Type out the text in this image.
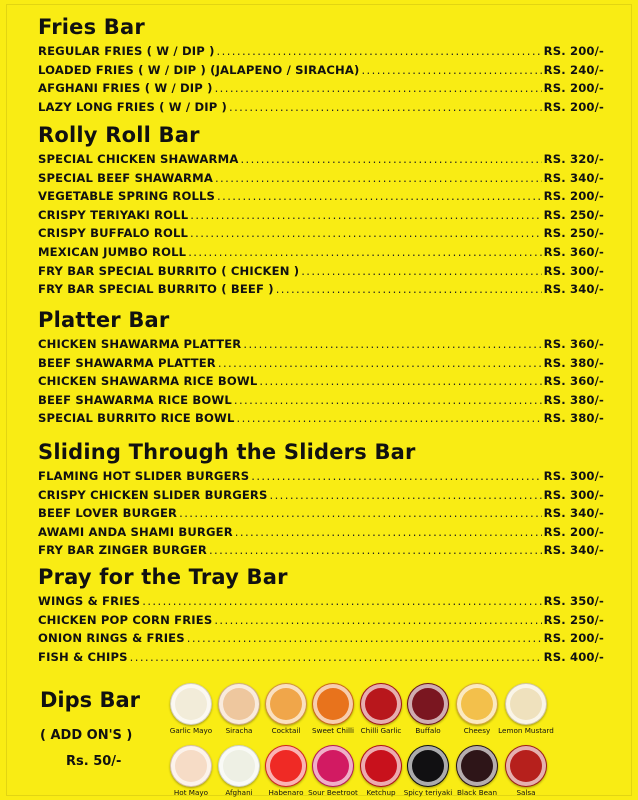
Fries Bar
REGULAR FRIES ( W / DIP ) .....	RS. 200/-
LOADED FRIES ( W / DIP ) (JALAPENO / SIRACHA) .....	RS. 240/-
AFGHANI FRIES ( W / DIP ) .....	RS. 200/-
LAZY LONG FRIES ( W / DIP ) .....	RS. 200/-
Rolly Roll Bar
SPECIAL CHICKEN SHAWARMA .....	RS. 320/-
SPECIAL BEEF SHAWARMA .....	RS. 340/-
VEGETABLE SPRING ROLLS .....	RS. 200/-
CRISPY TERIYAKI ROLL .....	RS. 250/-
CRISPY BUFFALO ROLL .....	RS. 250/-
MEXICAN JUMBO ROLL .....	RS. 360/-
FRY BAR SPECIAL BURRITO ( CHICKEN ) .....	RS. 300/-
FRY BAR SPECIAL BURRITO ( BEEF ) .....	RS. 340/-
Platter Bar
CHICKEN SHAWARMA PLATTER .....	RS. 360/-
BEEF SHAWARMA PLATTER .....	RS. 380/-
CHICKEN SHAWARMA RICE BOWL .....	RS. 360/-
BEEF SHAWARMA RICE BOWL .....	RS. 380/-
SPECIAL BURRITO RICE BOWL .....	RS. 380/-
Sliding Through the Sliders Bar
FLAMING HOT SLIDER BURGERS .....	RS. 300/-
CRISPY CHICKEN SLIDER BURGERS .....	RS. 300/-
BEEF LOVER BURGER .....	RS. 340/-
AWAMI ANDA SHAMI BURGER .....	RS. 200/-
FRY BAR ZINGER BURGER .....	RS. 340/-
Pray for the Tray Bar
WINGS & FRIES .....	RS. 350/-
CHICKEN POP CORN FRIES .....	RS. 250/-
ONION RINGS & FRIES .....	RS. 200/-
FISH & CHIPS .....	RS. 400/-
Dips Bar

( ADD ON'S )

Rs. 50/-

Garlic Mayo	Siracha	Cocktail	Sweet Chilli Chilli Garlic	Buffalo	Cheesy	Lemon Mustard
Hot Mayo	Afghani	Habenaro Sour Beetroot	Ketchup	Spicy teriyaki Black Bean	Salsa
